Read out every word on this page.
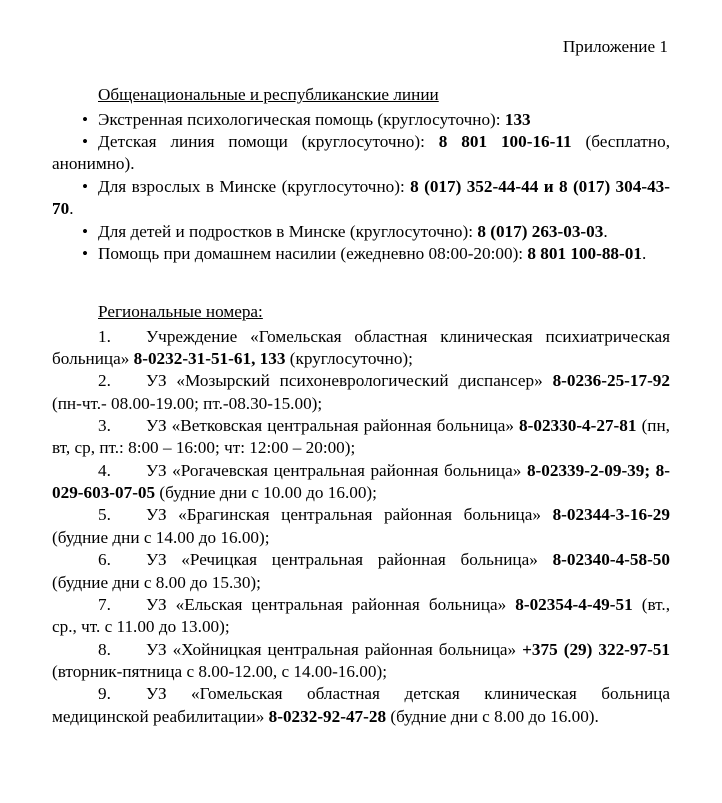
Приложение 1

Общенациональные и республиканские линии

• Экстренная психологическая помощь (круглосуточно): 133

• Детская линия помощи (круглосуточно): 8 801 100-16-11 (бесплатно, анонимно).

• Для взрослых в Минске (круглосуточно): 8 (017) 352-44-44 и 8 (017) 304-43-70.

• Для детей и подростков в Минске (круглосуточно): 8 (017) 263-03-03.

• Помощь при домашнем насилии (ежедневно 08:00-20:00): 8 801 100-88-01.

Региональные номера:

1. Учреждение «Гомельская областная клиническая психиатрическая больница» 8-0232-31-51-61, 133 (круглосуточно);

2. УЗ «Мозырский психоневрологический диспансер» 8-0236-25-17-92 (пн-чт.- 08.00-19.00; пт.-08.30-15.00);

3. УЗ «Ветковская центральная районная больница» 8-02330-4-27-81 (пн, вт, ср, пт.: 8:00 – 16:00; чт: 12:00 – 20:00);

4. УЗ «Рогачевская центральная районная больница» 8-02339-2-09-39; 8-029-603-07-05 (будние дни с 10.00 до 16.00);

5. УЗ «Брагинская центральная районная больница» 8-02344-3-16-29 (будние дни с 14.00 до 16.00);

6. УЗ «Речицкая центральная районная больница» 8-02340-4-58-50 (будние дни с 8.00 до 15.30);

7. УЗ «Ельская центральная районная больница» 8-02354-4-49-51 (вт., ср., чт. с 11.00 до 13.00);

8. УЗ «Хойницкая центральная районная больница» +375 (29) 322-97-51 (вторник-пятница с 8.00-12.00, с 14.00-16.00);

9. УЗ «Гомельская областная детская клиническая больница медицинской реабилитации» 8-0232-92-47-28 (будние дни с 8.00 до 16.00).
